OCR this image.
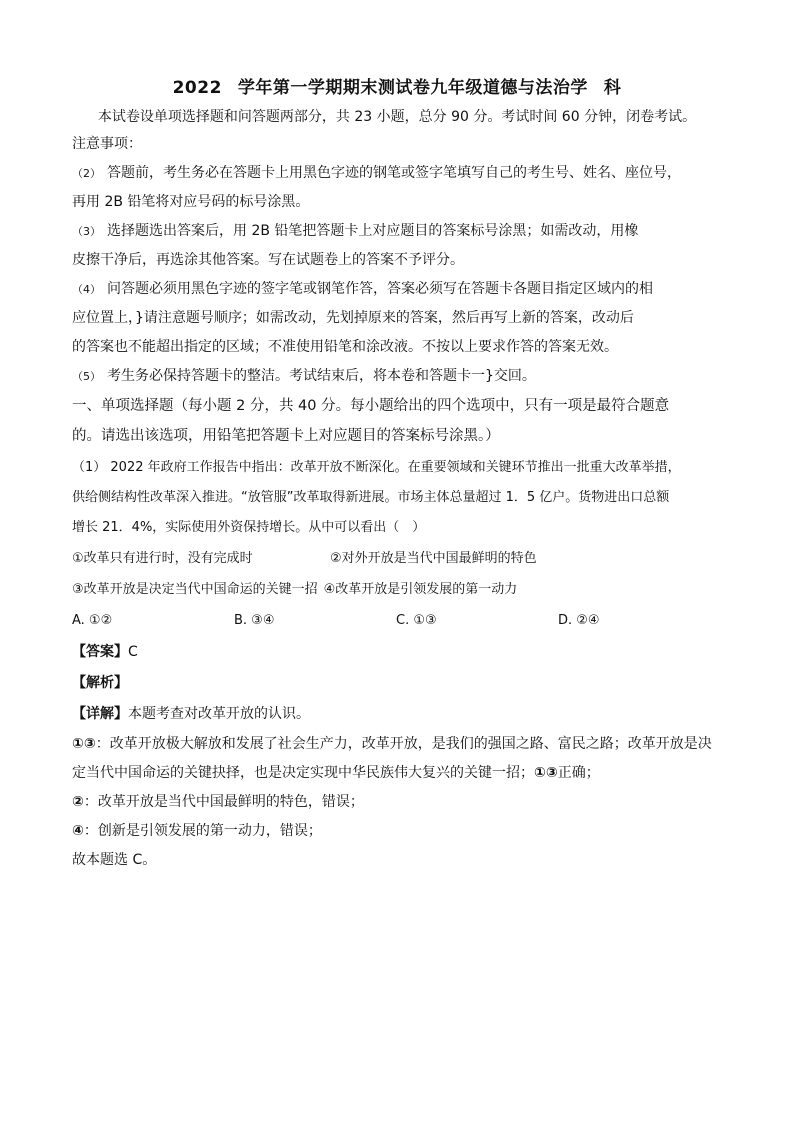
2022 学年第一学期期末测试卷九年级道德与法治学 科
本试卷设单项选择题和问答题两部分，共 23 小题，总分 90 分。考试时间 60 分钟，闭卷考试。

注意事项：

（2） 答题前，考生务必在答题卡上用黑色字迹的钢笔或签字笔填写自己的考生号、姓名、座位号，

再用 2B 铅笔将对应号码的标号涂黑。

（3） 选择题选出答案后，用 2B 铅笔把答题卡上对应题目的答案标号涂黑；如需改动，用橡

皮擦干净后，再选涂其他答案。写在试题卷上的答案不予评分。

（4） 问答题必须用黑色字迹的签字笔或钢笔作答，答案必须写在答题卡各题目指定区域内的相

应位置上，}请注意题号顺序；如需改动，先划掉原来的答案，然后再写上新的答案，改动后

的答案也不能超出指定的区域；不准使用铅笔和涂改液。不按以上要求作答的答案无效。

（5） 考生务必保持答题卡的整洁。考试结束后，将本卷和答题卡一}交回。

一、单项选择题（每小题 2 分，共 40 分。每小题给出的四个选项中，只有一项是最符合题意

的。请选出该选项，用铅笔把答题卡上对应题目的答案标号涂黑。）

（1） 2022 年政府工作报告中指出：改革开放不断深化。在重要领域和关键环节推出一批重大改革举措，

供给侧结构性改革深入推进。“放管服”改革取得新进展。市场主体总量超过 1．5 亿户。货物进出口总额

增长 21．4%，实际使用外资保持增长。从中可以看出（　）

①改革只有进行时，没有完成时	②对外开放是当代中国最鲜明的特色
③改革开放是决定当代中国命运的关键一招 ④改革开放是引领发展的第一动力
A. ①②	B. ③④	C. ①③	D. ②④

【答案】C

【解析】

【详解】本题考查对改革开放的认识。

①③：改革开放极大解放和发展了社会生产力，改革开放，是我们的强国之路、富民之路；改革开放是决

定当代中国命运的关键抉择，也是决定实现中华民族伟大复兴的关键一招；①③正确；

②：改革开放是当代中国最鲜明的特色，错误；

④：创新是引领发展的第一动力，错误；

故本题选 C。
